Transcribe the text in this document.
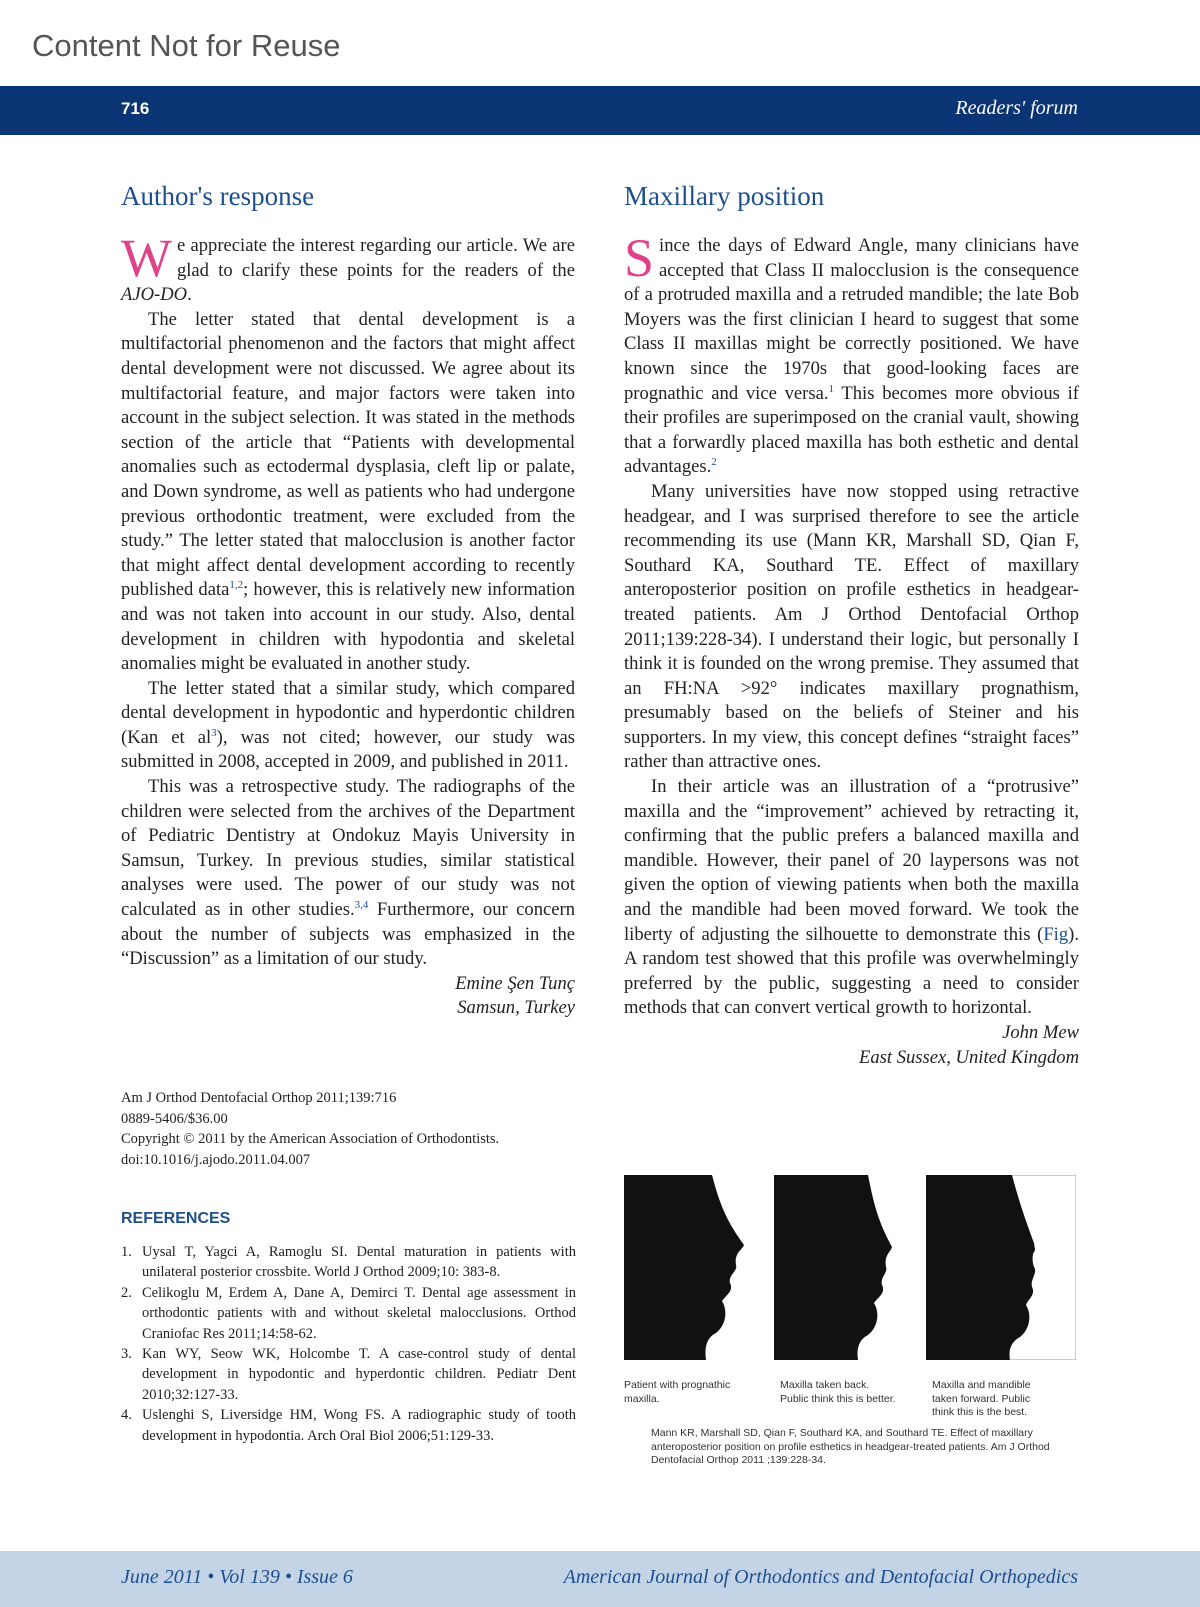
Content Not for Reuse
716	Readers' forum
Author's response

We appreciate the interest regarding our article. We are glad to clarify these points for the readers of the AJO-DO.

The letter stated that dental development is a multifactorial phenomenon and the factors that might affect dental development were not discussed. We agree about its multifactorial feature, and major factors were taken into account in the subject selection. It was stated in the methods section of the article that “Patients with developmental anomalies such as ectodermal dysplasia, cleft lip or palate, and Down syndrome, as well as patients who had undergone previous orthodontic treatment, were excluded from the study.” The letter stated that malocclusion is another factor that might affect dental development according to recently published data$^{1,2}$; however, this is relatively new information and was not taken into account in our study. Also, dental development in children with hypodontia and skeletal anomalies might be evaluated in another study.

The letter stated that a similar study, which compared dental development in hypodontic and hyperdontic children (Kan et $al^3$), was not cited; however, our study was submitted in 2008, accepted in 2009, and published in 2011.

This was a retrospective study. The radiographs of the children were selected from the archives of the Department of Pediatric Dentistry at Ondokuz Mayis University in Samsun, Turkey. In previous studies, similar statistical analyses were used. The power of our study was not calculated as in other studies.$^{3,4}$ Furthermore, our concern about the number of subjects was emphasized in the “Discussion” as a limitation of our study.

Emine Şen Tunç
Samsun, Turkey
Am J Orthod Dentofacial Orthop 2011;139:716
0889-5406/$36.00
Copyright © 2011 by the American Association of Orthodontists.
doi:10.1016/j.ajodo.2011.04.007
REFERENCES
1. Uysal T, Yagci A, Ramoglu SI. Dental maturation in patients with unilateral posterior crossbite. World J Orthod 2009;10: 383-8.
2. Celikoglu M, Erdem A, Dane A, Demirci T. Dental age assessment in orthodontic patients with and without skeletal malocclusions. Orthod Craniofac Res 2011;14:58-62.
3. Kan WY, Seow WK, Holcombe T. A case-control study of dental development in hypodontic and hyperdontic children. Pediatr Dent 2010;32:127-33.
4. Uslenghi S, Liversidge HM, Wong FS. A radiographic study of tooth development in hypodontia. Arch Oral Biol 2006;51:129-33.
Maxillary position

Since the days of Edward Angle, many clinicians have accepted that Class II malocclusion is the consequence of a protruded maxilla and a retruded mandible; the late Bob Moyers was the first clinician I heard to suggest that some Class II maxillas might be correctly positioned. We have known since the 1970s that good-looking faces are prognathic and vice versa.$^1$ This becomes more obvious if their profiles are superimposed on the cranial vault, showing that a forwardly placed maxilla has both esthetic and dental advantages.$^2$

Many universities have now stopped using retractive headgear, and I was surprised therefore to see the article recommending its use (Mann KR, Marshall SD, Qian F, Southard KA, Southard TE. Effect of maxillary anteroposterior position on profile esthetics in headgear-treated patients. Am J Orthod Dentofacial Orthop 2011;139:228-34). I understand their logic, but personally I think it is founded on the wrong premise. They assumed that an FH:NA >92° indicates maxillary prognathism, presumably based on the beliefs of Steiner and his supporters. In my view, this concept defines “straight faces” rather than attractive ones.

In their article was an illustration of a “protrusive” maxilla and the “improvement” achieved by retracting it, confirming that the public prefers a balanced maxilla and mandible. However, their panel of 20 laypersons was not given the option of viewing patients when both the maxilla and the mandible had been moved forward. We took the liberty of adjusting the silhouette to demonstrate this (Fig). A random test showed that this profile was overwhelmingly preferred by the public, suggesting a need to consider methods that can convert vertical growth to horizontal.

John Mew
East Sussex, United Kingdom
Patient with prognathic maxilla.
Maxilla taken back. Public think this is better.
Maxilla and mandible taken forward. Public think this is the best.
Mann KR, Marshall SD, Qian F, Southard KA, and Southard TE. Effect of maxillary anteroposterior position on profile esthetics in headgear-treated patients. Am J Orthod Dentofacial Orthop 2011 ;139:228-34.
June 2011 • Vol 139 • Issue 6	American Journal of Orthodontics and Dentofacial Orthopedics
